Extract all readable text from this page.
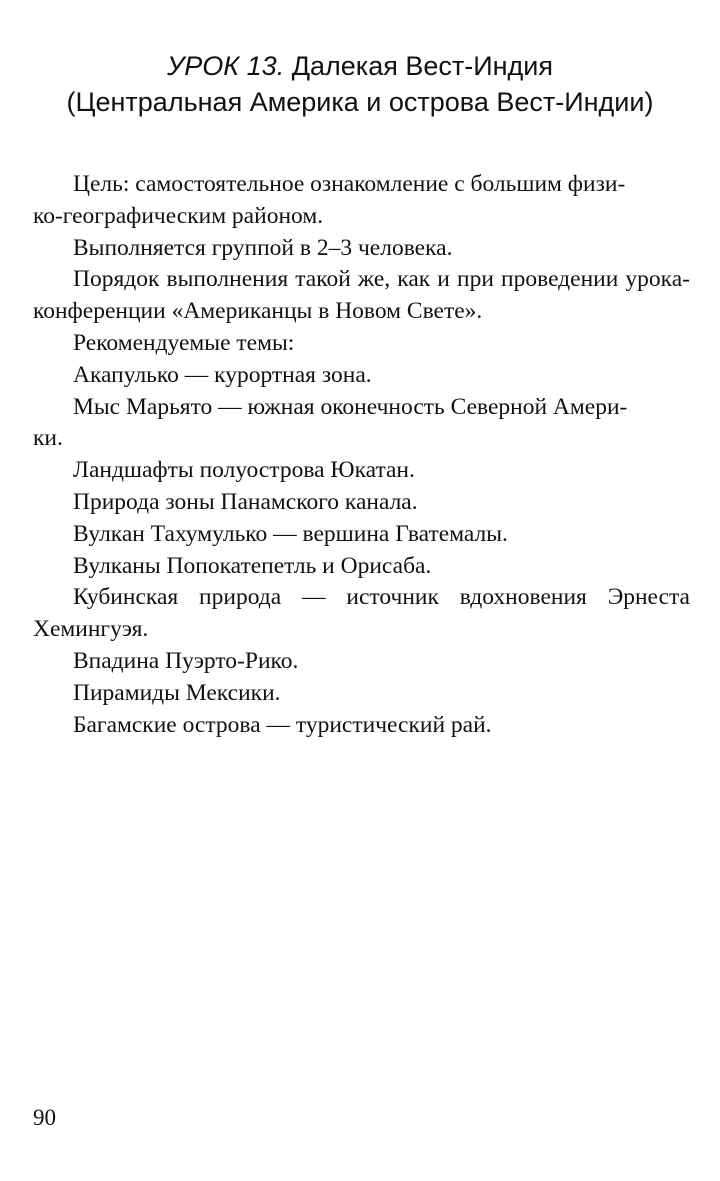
УРОК 13. Далекая Вест-Индия
(Центральная Америка и острова Вест-Индии)

Цель: самостоятельное ознакомление с большим физи-
ко-географическим районом.

Выполняется группой в 2–3 человека.

Порядок выполнения такой же, как и при проведении урока-конференции «Американцы в Новом Свете».

Рекомендуемые темы:

Акапулько — курортная зона.

Мыс Марьято — южная оконечность Северной Амери-
ки.

Ландшафты полуострова Юкатан.

Природа зоны Панамского канала.

Вулкан Тахумулько — вершина Гватемалы.

Вулканы Попокатепетль и Орисаба.

Кубинская природа — источник вдохновения Эрнеста Хемингуэя.

Впадина Пуэрто-Рико.

Пирамиды Мексики.

Багамские острова — туристический рай.

90
